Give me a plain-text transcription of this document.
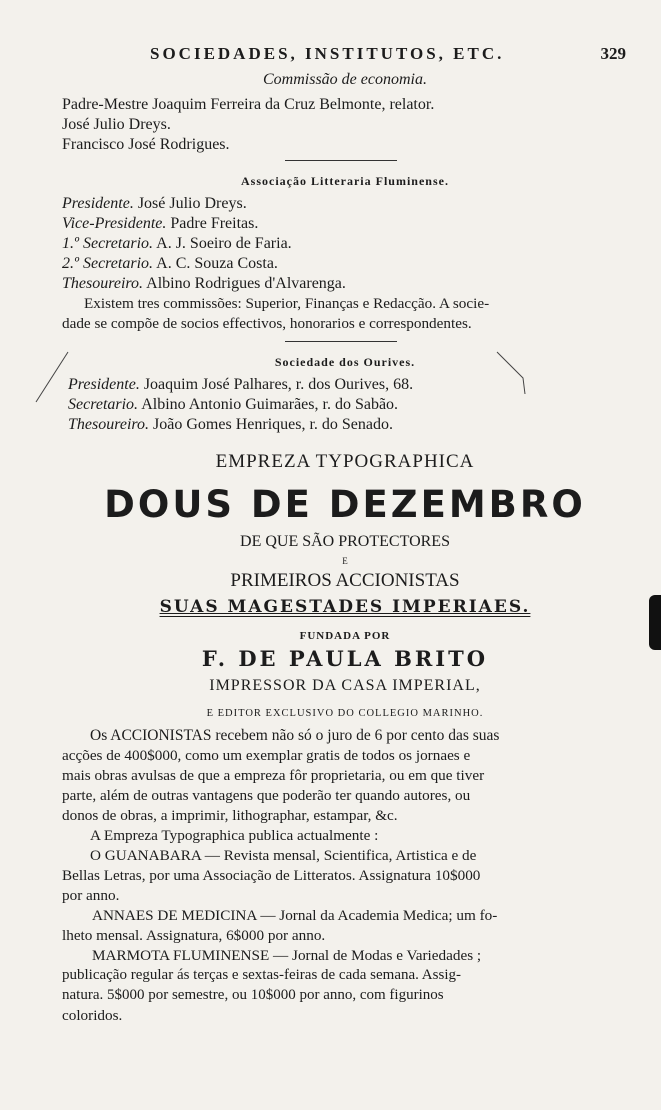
SOCIEDADES, INSTITUTOS, ETC.	329
Commissão de economia.
Padre-Mestre Joaquim Ferreira da Cruz Belmonte, relator.
José Julio Dreys.
Francisco José Rodrigues.
Associação Litteraria Fluminense.
Presidente. José Julio Dreys.
Vice-Presidente. Padre Freitas.
1.º Secretario. A. J. Soeiro de Faria.
2.º Secretario. A. C. Souza Costa.
Thesoureiro. Albino Rodrigues d'Alvarenga.
Existem tres commissões: Superior, Finanças e Redacção. A socie-
dade se compõe de socios effectivos, honorarios e correspondentes.
Sociedade dos Ourives.
Presidente. Joaquim José Palhares, r. dos Ourives, 68.
Secretario. Albino Antonio Guimarães, r. do Sabão.
Thesoureiro. João Gomes Henriques, r. do Senado.
EMPREZA TYPOGRAPHICA
DOUS DE DEZEMBRO
DE QUE SÃO PROTECTORES
E
PRIMEIROS ACCIONISTAS
SUAS MAGESTADES IMPERIAES.
FUNDADA POR
F. DE PAULA BRITO
IMPRESSOR DA CASA IMPERIAL,
E EDITOR EXCLUSIVO DO COLLEGIO MARINHO.
Os ACCIONISTAS recebem não só o juro de 6 por cento das suas
acções de 400$000, como um exemplar gratis de todos os jornaes e
mais obras avulsas de que a empreza fôr proprietaria, ou em que tiver
parte, além de outras vantagens que poderão ter quando autores, ou
donos de obras, a imprimir, lithographar, estampar, &c.
A Empreza Typographica publica actualmente :
O GUANABARA — Revista mensal, Scientifica, Artistica e de
Bellas Letras, por uma Associação de Litteratos. Assignatura 10$000
por anno.
ANNAES DE MEDICINA — Jornal da Academia Medica; um fo-
lheto mensal. Assignatura, 6$000 por anno.
MARMOTA FLUMINENSE — Jornal de Modas e Variedades ;
publicação regular ás terças e sextas-feiras de cada semana. Assig-
natura. 5$000 por semestre, ou 10$000 por anno, com figurinos
coloridos.
